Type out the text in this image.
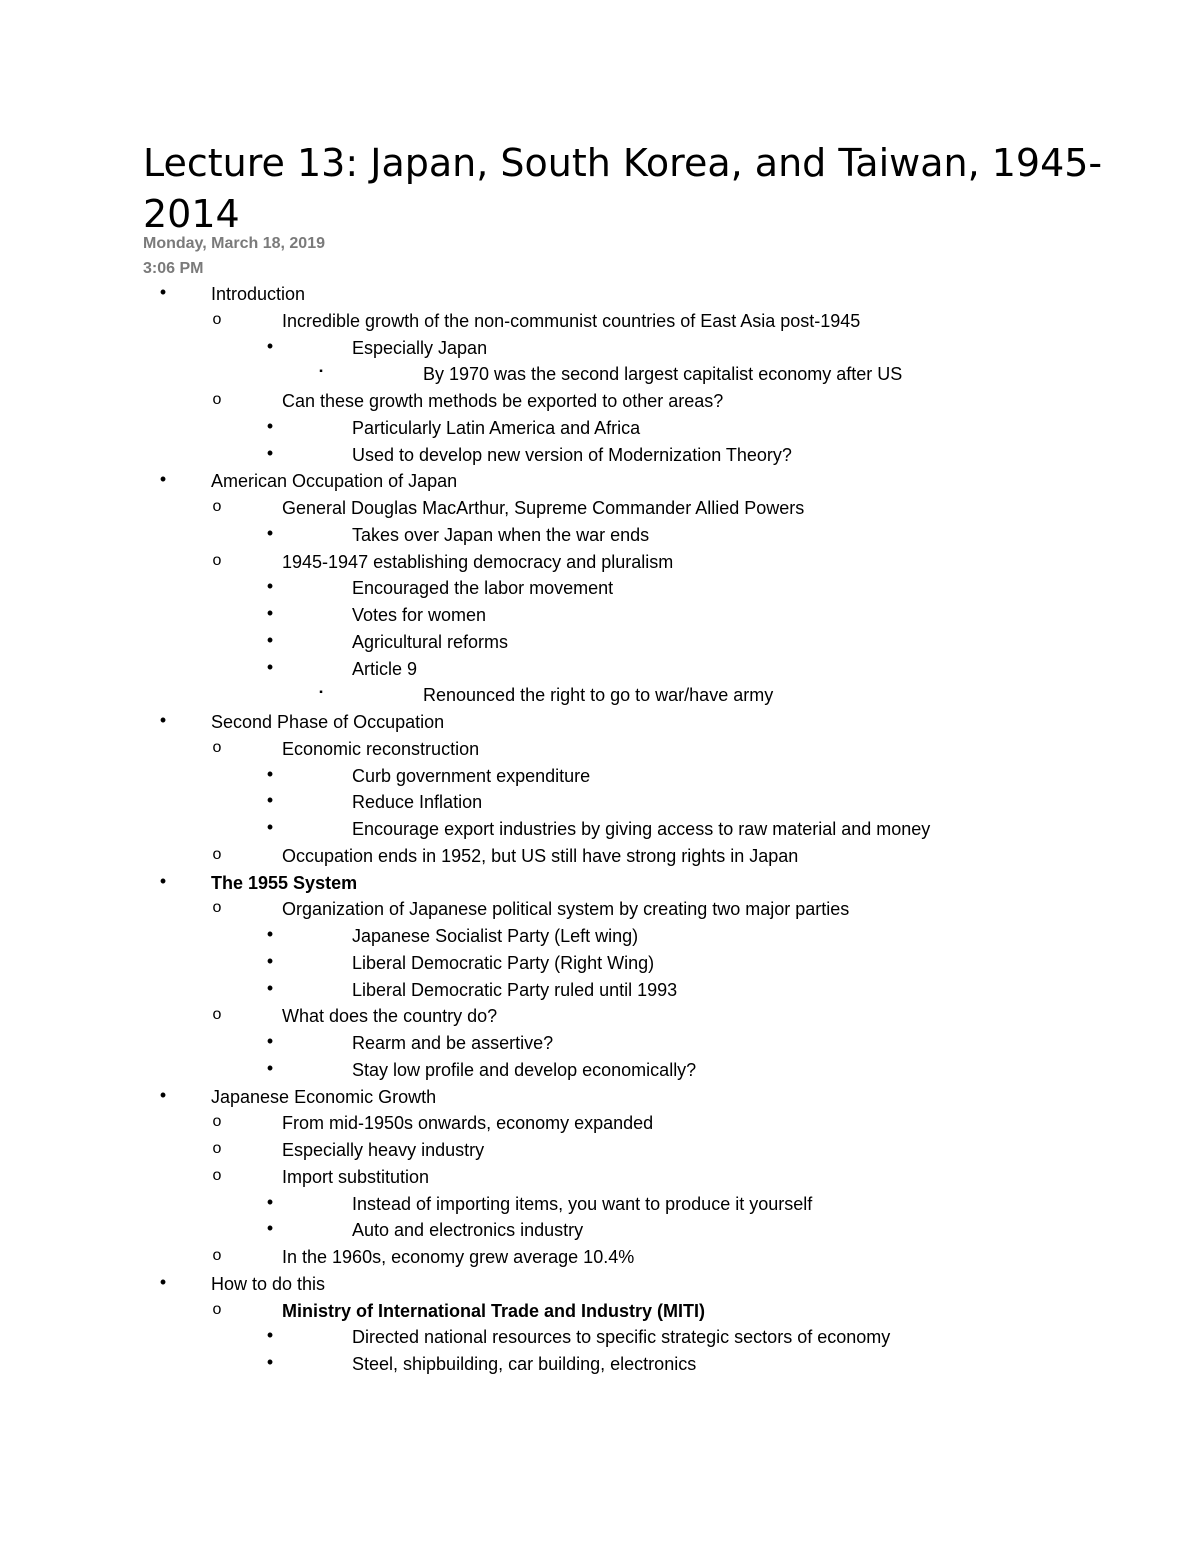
Lecture 13: Japan, South Korea, and Taiwan, 1945-2014
Monday, March 18, 2019
3:06 PM
• Introduction
o	Incredible growth of the non-communist countries of East Asia post-1945
•	Especially Japan
▪	By 1970 was the second largest capitalist economy after US
o	Can these growth methods be exported to other areas?
•	Particularly Latin America and Africa
•	Used to develop new version of Modernization Theory?
• American Occupation of Japan
o	General Douglas MacArthur, Supreme Commander Allied Powers
•	Takes over Japan when the war ends
o	1945-1947 establishing democracy and pluralism
•	Encouraged the labor movement
•	Votes for women
•	Agricultural reforms
•	Article 9
▪	Renounced the right to go to war/have army
• Second Phase of Occupation
o	Economic reconstruction
•	Curb government expenditure
•	Reduce Inflation
•	Encourage export industries by giving access to raw material and money
o	Occupation ends in 1952, but US still have strong rights in Japan
• The 1955 System
o	Organization of Japanese political system by creating two major parties
•	Japanese Socialist Party (Left wing)
•	Liberal Democratic Party (Right Wing)
•	Liberal Democratic Party ruled until 1993
o	What does the country do?
•	Rearm and be assertive?
•	Stay low profile and develop economically?
• Japanese Economic Growth
o	From mid-1950s onwards, economy expanded
o	Especially heavy industry
o	Import substitution
•	Instead of importing items, you want to produce it yourself
•	Auto and electronics industry
o	In the 1960s, economy grew average 10.4%
• How to do this
o	Ministry of International Trade and Industry (MITI)
•	Directed national resources to specific strategic sectors of economy
•	Steel, shipbuilding, car building, electronics
